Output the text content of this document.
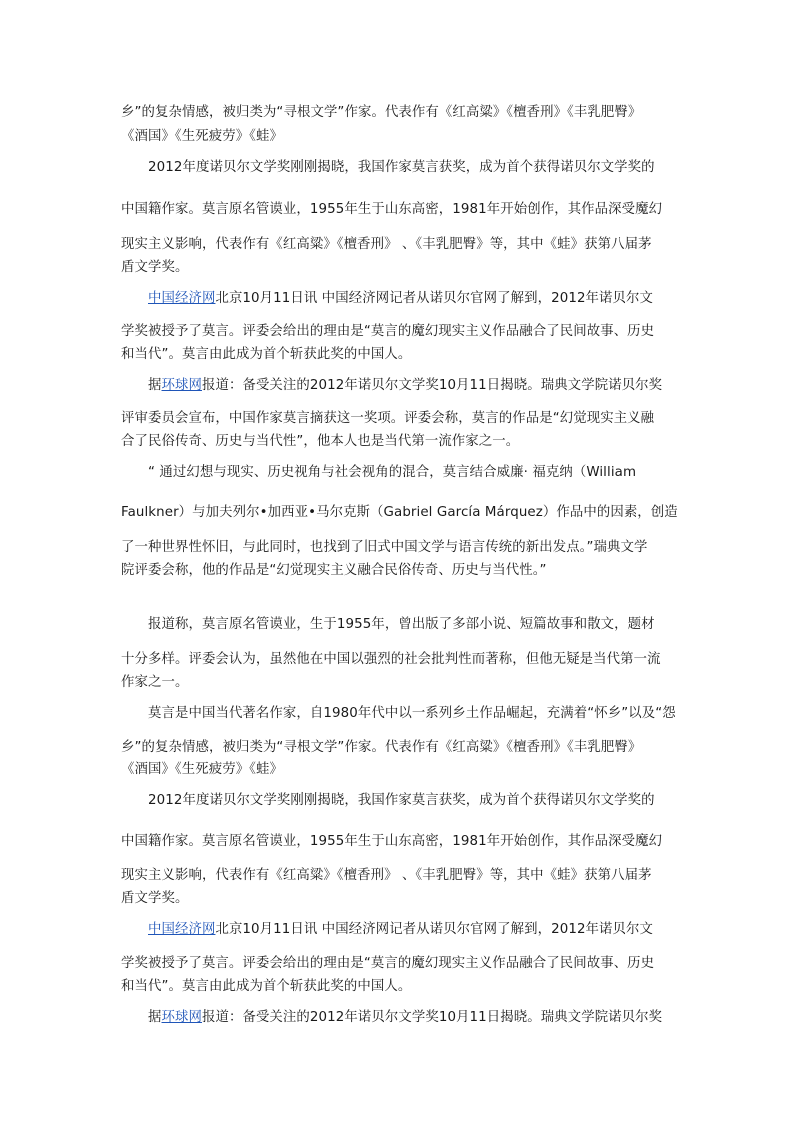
乡”的复杂情感，被归类为“寻根文学”作家。代表作有《红高粱》《檀香刑》《丰乳肥臀》
《酒国》《生死疲劳》《蛙》
2012年度诺贝尔文学奖刚刚揭晓，我国作家莫言获奖，成为首个获得诺贝尔文学奖的
中国籍作家。莫言原名管谟业，1955年生于山东高密，1981年开始创作，其作品深受魔幻
现实主义影响，代表作有《红高粱》《檀香刑》 、《丰乳肥臀》等，其中《蛙》获第八届茅
盾文学奖。
中国经济网北京10月11日讯 中国经济网记者从诺贝尔官网了解到，2012年诺贝尔文
学奖被授予了莫言。评委会给出的理由是“莫言的魔幻现实主义作品融合了民间故事、历史
和当代”。莫言由此成为首个斩获此奖的中国人。
据环球网报道：备受关注的2012年诺贝尔文学奖10月11日揭晓。瑞典文学院诺贝尔奖
评审委员会宣布，中国作家莫言摘获这一奖项。评委会称，莫言的作品是“幻觉现实主义融
合了民俗传奇、历史与当代性”，他本人也是当代第一流作家之一。
“ 通过幻想与现实、历史视角与社会视角的混合，莫言结合威廉· 福克纳（William
Faulkner）与加夫列尔•加西亚•马尔克斯（Gabriel García Márquez）作品中的因素，创造
了一种世界性怀旧，与此同时，也找到了旧式中国文学与语言传统的新出发点。”瑞典文学
院评委会称，他的作品是“幻觉现实主义融合民俗传奇、历史与当代性。”
报道称，莫言原名管谟业，生于1955年，曾出版了多部小说、短篇故事和散文，题材
十分多样。评委会认为，虽然他在中国以强烈的社会批判性而著称，但他无疑是当代第一流
作家之一。
莫言是中国当代著名作家，自1980年代中以一系列乡土作品崛起，充满着“怀乡”以及“怨
乡”的复杂情感，被归类为“寻根文学”作家。代表作有《红高粱》《檀香刑》《丰乳肥臀》
《酒国》《生死疲劳》《蛙》
2012年度诺贝尔文学奖刚刚揭晓，我国作家莫言获奖，成为首个获得诺贝尔文学奖的
中国籍作家。莫言原名管谟业，1955年生于山东高密，1981年开始创作，其作品深受魔幻
现实主义影响，代表作有《红高粱》《檀香刑》 、《丰乳肥臀》等，其中《蛙》获第八届茅
盾文学奖。
中国经济网北京10月11日讯 中国经济网记者从诺贝尔官网了解到，2012年诺贝尔文
学奖被授予了莫言。评委会给出的理由是“莫言的魔幻现实主义作品融合了民间故事、历史
和当代”。莫言由此成为首个斩获此奖的中国人。
据环球网报道：备受关注的2012年诺贝尔文学奖10月11日揭晓。瑞典文学院诺贝尔奖
